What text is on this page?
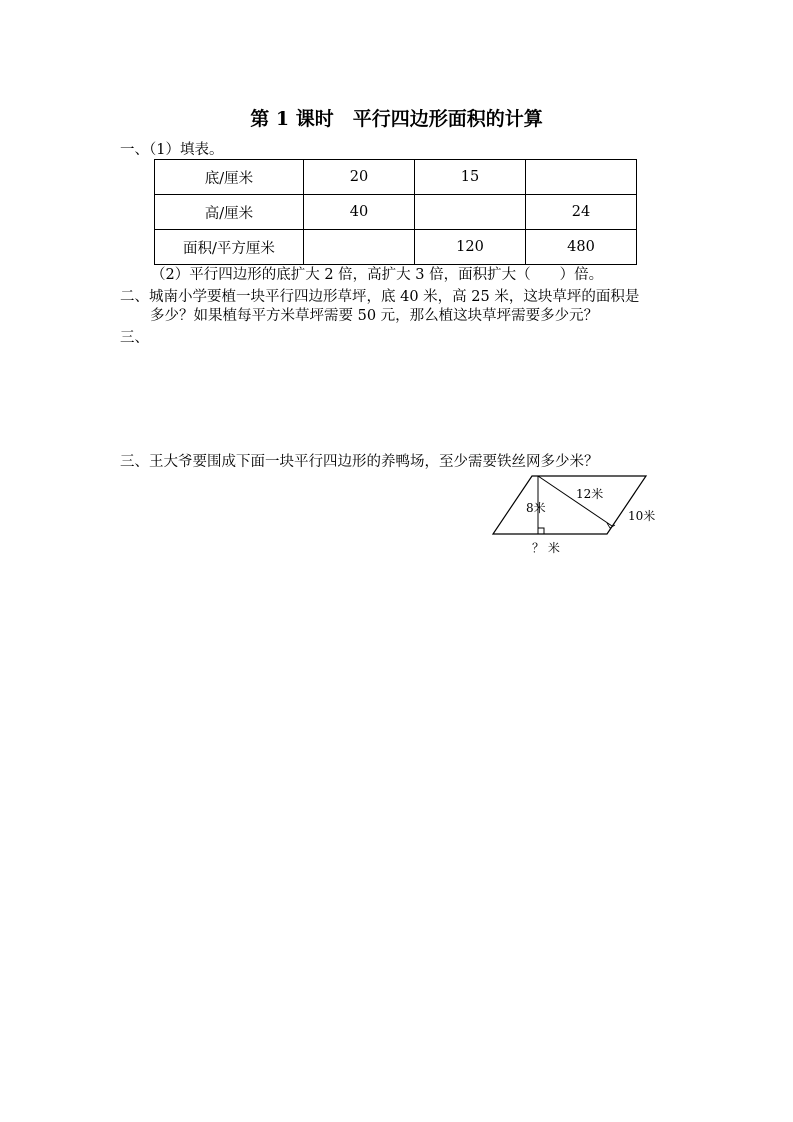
第 1 课时　平行四边形面积的计算
一、（1）填表。
底/厘米	20	15	
高/厘米	40		24
面积/平方厘米		120	480
（2）平行四边形的底扩大 2 倍，高扩大 3 倍，面积扩大（　　）倍。
二、城南小学要植一块平行四边形草坪，底 40 米，高 25 米，这块草坪的面积是
多少？如果植每平方米草坪需要 50 元，那么植这块草坪需要多少元？
三、
三、王大爷要围成下面一块平行四边形的养鸭场，至少需要铁丝网多少米？
8米
12米
10米
？ 米
